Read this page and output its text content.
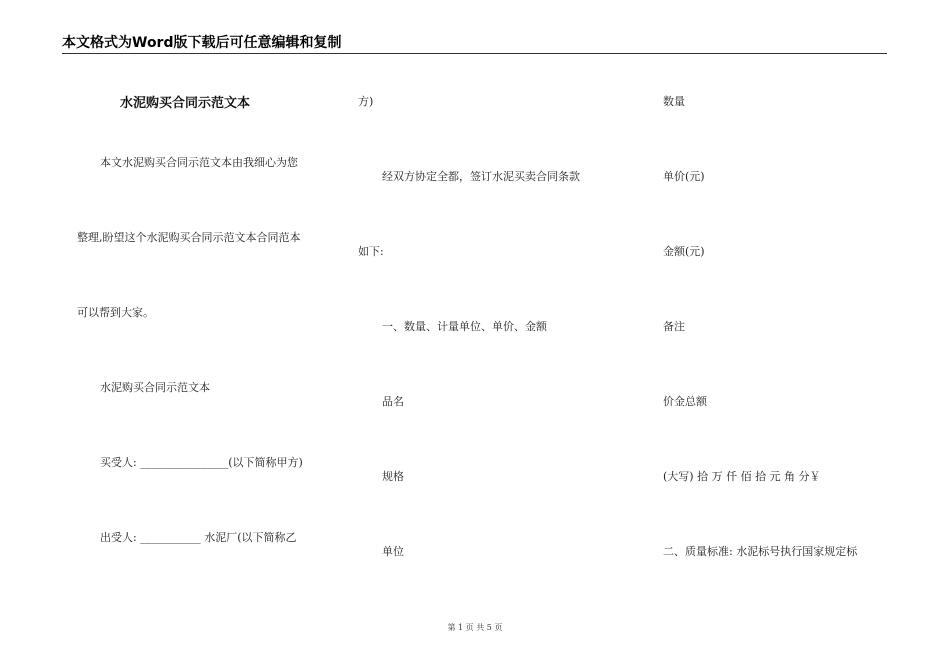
本文格式为Word版下载后可任意编辑和复制
水泥购买合同示范文本
本文水泥购买合同示范文本由我细心为您
整理,盼望这个水泥购买合同示范文本合同范本
可以帮到大家。
水泥购买合同示范文本
买受人: ________________(以下简称甲方)
出受人: ___________ 水泥厂(以下简称乙
方)
经双方协定全都，签订水泥买卖合同条款
如下:
一、数量、计量单位、单价、金额
品名
规格
单位
数量
单价(元)
金额(元)
备注
价金总额
(大写) 拾 万 仟 佰 拾 元 角 分￥
二、质量标准: 水泥标号执行国家规定标
第 1 页 共 5 页
